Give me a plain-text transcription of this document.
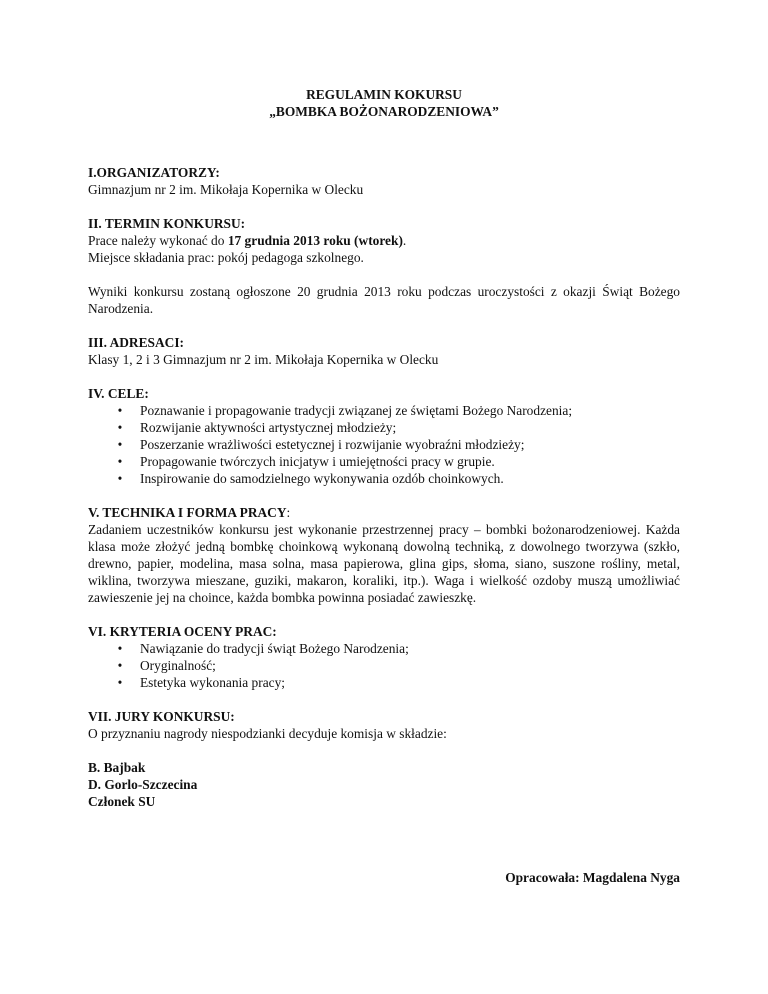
REGULAMIN KOKURSU
„BOMBKA BOŻONARODZENIOWA”
I.ORGANIZATORZY:

Gimnazjum nr 2 im. Mikołaja Kopernika w Olecku

II. TERMIN KONKURSU:

Prace należy wykonać do 17 grudnia 2013 roku (wtorek).

Miejsce składania prac: pokój pedagoga szkolnego.

Wyniki konkursu zostaną ogłoszone 20 grudnia 2013 roku podczas uroczystości z okazji Świąt Bożego Narodzenia.

III. ADRESACI:

Klasy 1, 2 i 3 Gimnazjum nr 2 im. Mikołaja Kopernika w Olecku

IV. CELE:
• Poznawanie i propagowanie tradycji związanej ze świętami Bożego Narodzenia;
• Rozwijanie aktywności artystycznej młodzieży;
• Poszerzanie wrażliwości estetycznej i rozwijanie wyobraźni młodzieży;
• Propagowanie twórczych inicjatyw i umiejętności pracy w grupie.
• Inspirowanie do samodzielnego wykonywania ozdób choinkowych.
V. TECHNIKA I FORMA PRACY:

Zadaniem uczestników konkursu jest wykonanie przestrzennej pracy – bombki bożonarodzeniowej. Każda klasa może złożyć jedną bombkę choinkową wykonaną dowolną techniką, z dowolnego tworzywa (szkło, drewno, papier, modelina, masa solna, masa papierowa, glina gips, słoma, siano, suszone rośliny, metal, wiklina, tworzywa mieszane, guziki, makaron, koraliki, itp.). Waga i wielkość ozdoby muszą umożliwiać zawieszenie jej na choince, każda bombka powinna posiadać zawieszkę.

VI. KRYTERIA OCENY PRAC:
• Nawiązanie do tradycji świąt Bożego Narodzenia;
• Oryginalność;
• Estetyka wykonania pracy;
VII. JURY KONKURSU:

O przyznaniu nagrody niespodzianki decyduje komisja w składzie:

B. Bajbak
D. Gorlo-Szczecina
Członek SU
Opracowała: Magdalena Nyga
